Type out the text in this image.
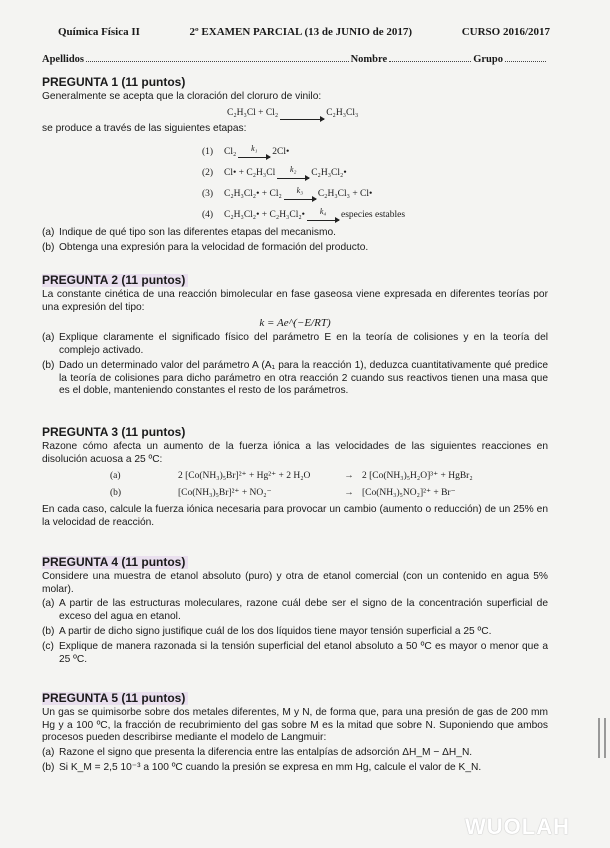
Química Física II	2º EXAMEN PARCIAL (13 de JUNIO de 2017)	CURSO 2016/2017
Apellidos	Nombre	Grupo
PREGUNTA 1 (11 puntos)

Generalmente se acepta que la cloración del cloruro de vinilo:

C₂H₃Cl + Cl₂	C₂H₃Cl₃

se produce a través de las siguientes etapas:

(1)	Cl₂	k₁	2Cl•
(2)	Cl• + C₂H₃Cl	k₂	C₂H₃Cl₂•
(3)	C₂H₃Cl₂• + Cl₂	k₃	C₂H₃Cl₃ + Cl•
(4)	C₂H₃Cl₂• + C₂H₃Cl₂•	k₄	especies estables
(a) Indique de qué tipo son las diferentes etapas del mecanismo.
(b) Obtenga una expresión para la velocidad de formación del producto.
PREGUNTA 2 (11 puntos)

La constante cinética de una reacción bimolecular en fase gaseosa viene expresada en diferentes teorías por una expresión del tipo:

k = Ae^(−E/RT)
(a) Explique claramente el significado físico del parámetro E en la teoría de colisiones y en la teoría del complejo activado.
(b) Dado un determinado valor del parámetro A (A₁ para la reacción 1), deduzca cuantitativamente qué predice la teoría de colisiones para dicho parámetro en otra reacción 2 cuando sus reactivos tienen una masa que es el doble, manteniendo constantes el resto de los parámetros.
PREGUNTA 3 (11 puntos)

Razone cómo afecta un aumento de la fuerza iónica a las velocidades de las siguientes reacciones en disolución acuosa a 25 ºC:

(a)	2 [Co(NH₃)₅Br]²⁺ + Hg²⁺ + 2 H₂O	→ 2 [Co(NH₃)₅H₂O]³⁺ + HgBr₂
(b)	[Co(NH₃)₅Br]²⁺ + NO₂⁻	→ [Co(NH₃)₅NO₂]²⁺ + Br⁻

En cada caso, calcule la fuerza iónica necesaria para provocar un cambio (aumento o reducción) de un 25% en la velocidad de reacción.

PREGUNTA 4 (11 puntos)

Considere una muestra de etanol absoluto (puro) y otra de etanol comercial (con un contenido en agua 5% molar).

(a) A partir de las estructuras moleculares, razone cuál debe ser el signo de la concentración superficial de exceso del agua en etanol.
(b) A partir de dicho signo justifique cuál de los dos líquidos tiene mayor tensión superficial a 25 ºC.
(c) Explique de manera razonada si la tensión superficial del etanol absoluto a 50 ºC es mayor o menor que a 25 ºC.
PREGUNTA 5 (11 puntos)

Un gas se quimisorbe sobre dos metales diferentes, M y N, de forma que, para una presión de gas de 200 mm Hg y a 100 ºC, la fracción de recubrimiento del gas sobre M es la mitad que sobre N. Suponiendo que ambos procesos pueden describirse mediante el modelo de Langmuir:

(a) Razone el signo que presenta la diferencia entre las entalpías de adsorción ΔH_M − ΔH_N.
(b) Si K_M = 2,5 10⁻³ a 100 ºC cuando la presión se expresa en mm Hg, calcule el valor de K_N.
WUOLAH
